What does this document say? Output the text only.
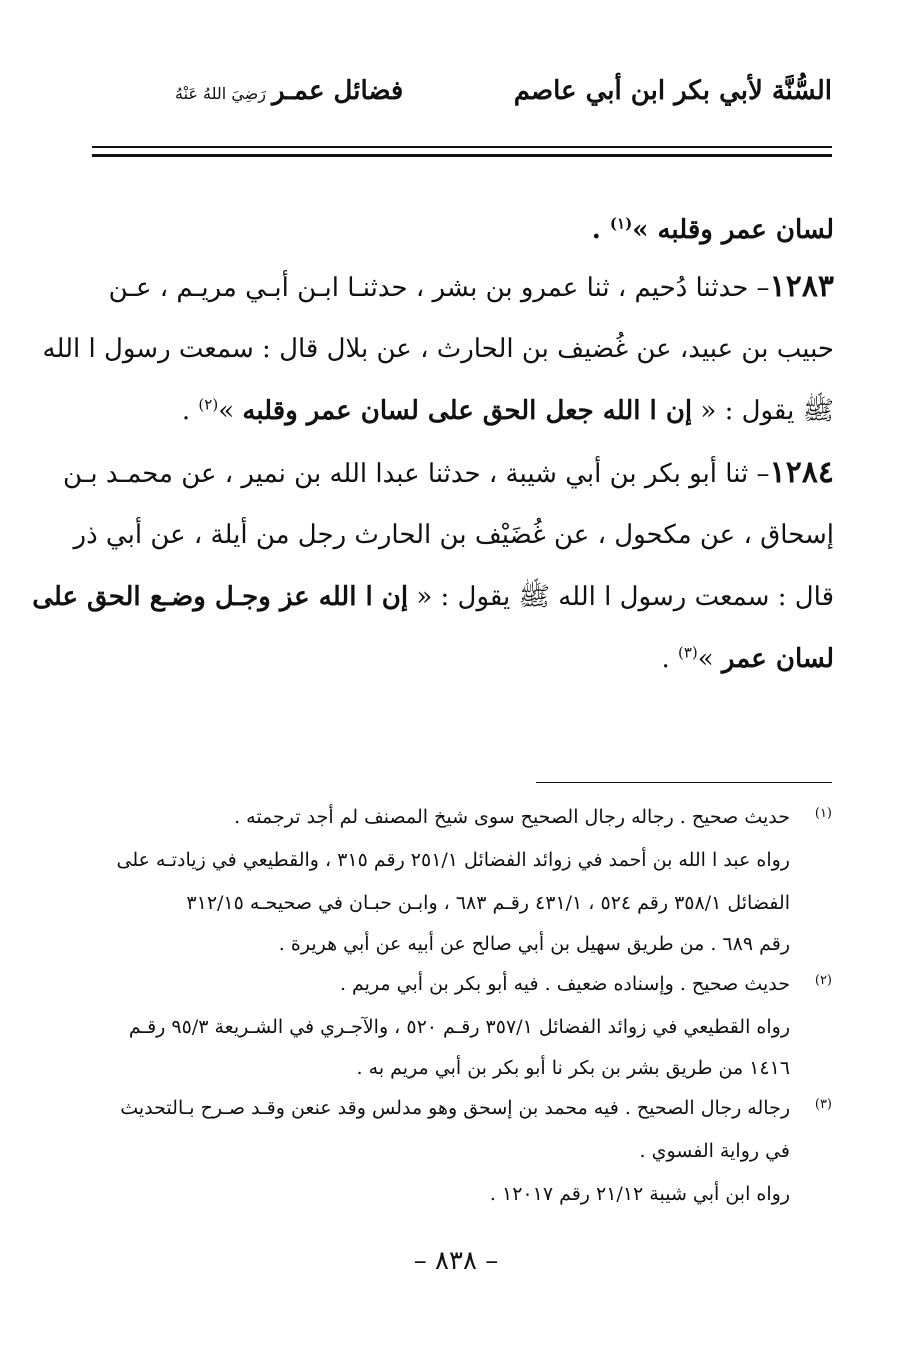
السُّنَّة لأبي بكر ابن أبي عاصم
فضائل عمـررَضِيَ اللهُ عَنْهُ
لسان عمر وقلبه »$^{(١)}$ .
١٢٨٣– حدثنا دُحيم ، ثنا عمرو بن بشر ، حدثنـا ابـن أبـي مريـم ، عـن
حبيب بن عبيد، عن غُضيف بن الحارث ، عن بلال قال : سمعت رسول ا الله
ﷺ يقول : « إن ا الله جعل الحق على لسان عمر وقلبه »$^{(٢)}$ .
١٢٨٤– ثنا أبو بكر بن أبي شيبة ، حدثنا عبدا الله بن نمير ، عن محمـد بـن
إسحاق ، عن مكحول ، عن غُضَيْف بن الحارث رجل من أيلة ، عن أبي ذر
قال : سمعت رسول ا الله ﷺ يقول : « إن ا الله عز وجـل وضـع الحق على
لسان عمر »$^{(٣)}$ .
(١)
حديث صحيح . رجاله رجال الصحيح سوى شيخ المصنف لم أجد ترجمته .
رواه عبد ا الله بن أحمد في زوائد الفضائل ٢٥١/١ رقم ٣١٥ ، والقطيعي في زيادتـه على
الفضائل ٣٥٨/١ رقم ٥٢٤ ، ٤٣١/١ رقـم ٦٨٣ ، وابـن حبـان في صحيحـه ٣١٢/١٥
رقم ٦٨٩ . من طريق سهيل بن أبي صالح عن أبيه عن أبي هريرة .
(٢)
حديث صحيح . وإسناده ضعيف . فيه أبو بكر بن أبي مريم .
رواه القطيعي في زوائد الفضائل ٣٥٧/١ رقـم ٥٢٠ ، والآجـري في الشـريعة ٩٥/٣ رقـم
١٤١٦ من طريق بشر بن بكر نا أبو بكر بن أبي مريم به .
(٣)
رجاله رجال الصحيح . فيه محمد بن إسحق وهو مدلس وقد عنعن وقـد صـرح بـالتحديث
في رواية الفسوي .
رواه ابن أبي شيبة ٢١/١٢ رقم ١٢٠١٧ .
– ٨٣٨ –
